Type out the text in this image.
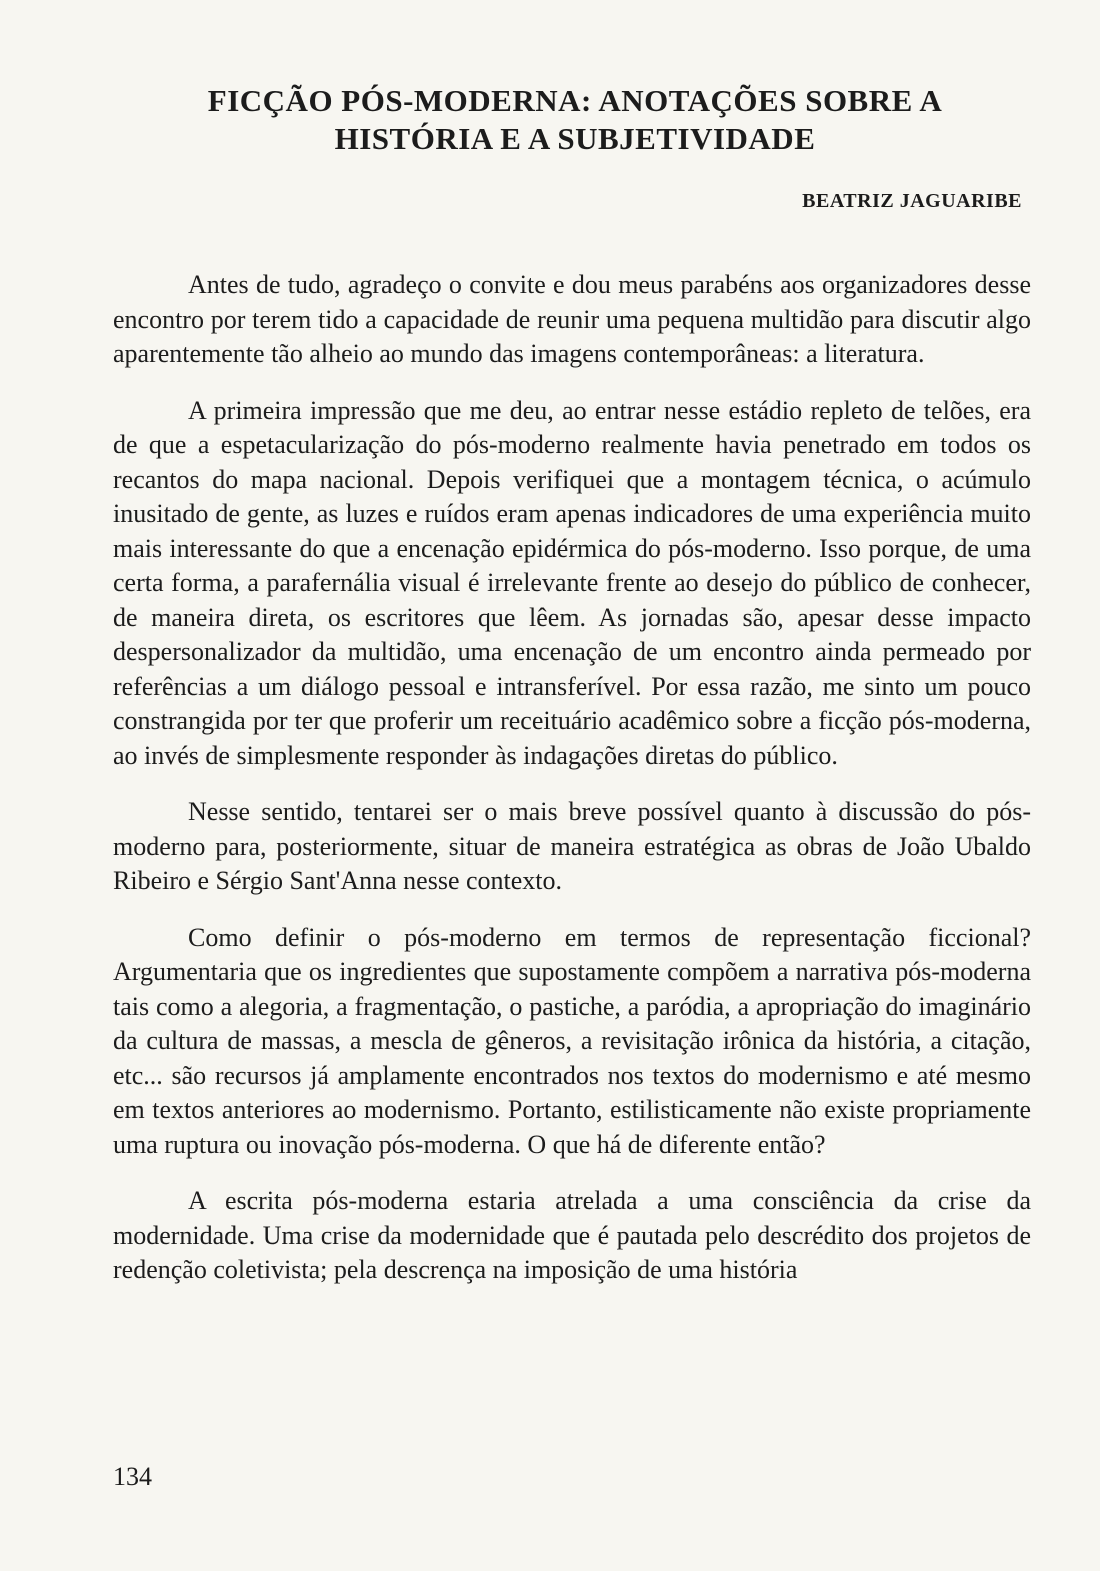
FICÇÃO PÓS-MODERNA: ANOTAÇÕES SOBRE A
HISTÓRIA E A SUBJETIVIDADE

BEATRIZ JAGUARIBE

Antes de tudo, agradeço o convite e dou meus parabéns aos organizadores desse encontro por terem tido a capacidade de reunir uma pequena multidão para discutir algo aparentemente tão alheio ao mundo das imagens contemporâneas: a literatura.

A primeira impressão que me deu, ao entrar nesse estádio repleto de telões, era de que a espetacularização do pós-moderno realmente havia penetrado em todos os recantos do mapa nacional. Depois verifiquei que a montagem técnica, o acúmulo inusitado de gente, as luzes e ruídos eram apenas indicadores de uma experiência muito mais interessante do que a encenação epidérmica do pós-moderno. Isso porque, de uma certa forma, a parafernália visual é irrelevante frente ao desejo do público de conhecer, de maneira direta, os escritores que lêem. As jornadas são, apesar desse impacto despersonalizador da multidão, uma encenação de um encontro ainda permeado por referências a um diálogo pessoal e intransferível. Por essa razão, me sinto um pouco constrangida por ter que proferir um receituário acadêmico sobre a ficção pós-moderna, ao invés de simplesmente responder às indagações diretas do público.

Nesse sentido, tentarei ser o mais breve possível quanto à discussão do pós-moderno para, posteriormente, situar de maneira estratégica as obras de João Ubaldo Ribeiro e Sérgio Sant'Anna nesse contexto.

Como definir o pós-moderno em termos de representação ficcional? Argumentaria que os ingredientes que supostamente compõem a narrativa pós-moderna tais como a alegoria, a fragmentação, o pastiche, a paródia, a apropriação do imaginário da cultura de massas, a mescla de gêneros, a revisitação irônica da história, a citação, etc... são recursos já amplamente encontrados nos textos do modernismo e até mesmo em textos anteriores ao modernismo. Portanto, estilisticamente não existe propriamente uma ruptura ou inovação pós-moderna. O que há de diferente então?

A escrita pós-moderna estaria atrelada a uma consciência da crise da modernidade. Uma crise da modernidade que é pautada pelo descrédito dos projetos de redenção coletivista; pela descrença na imposição de uma história

134
